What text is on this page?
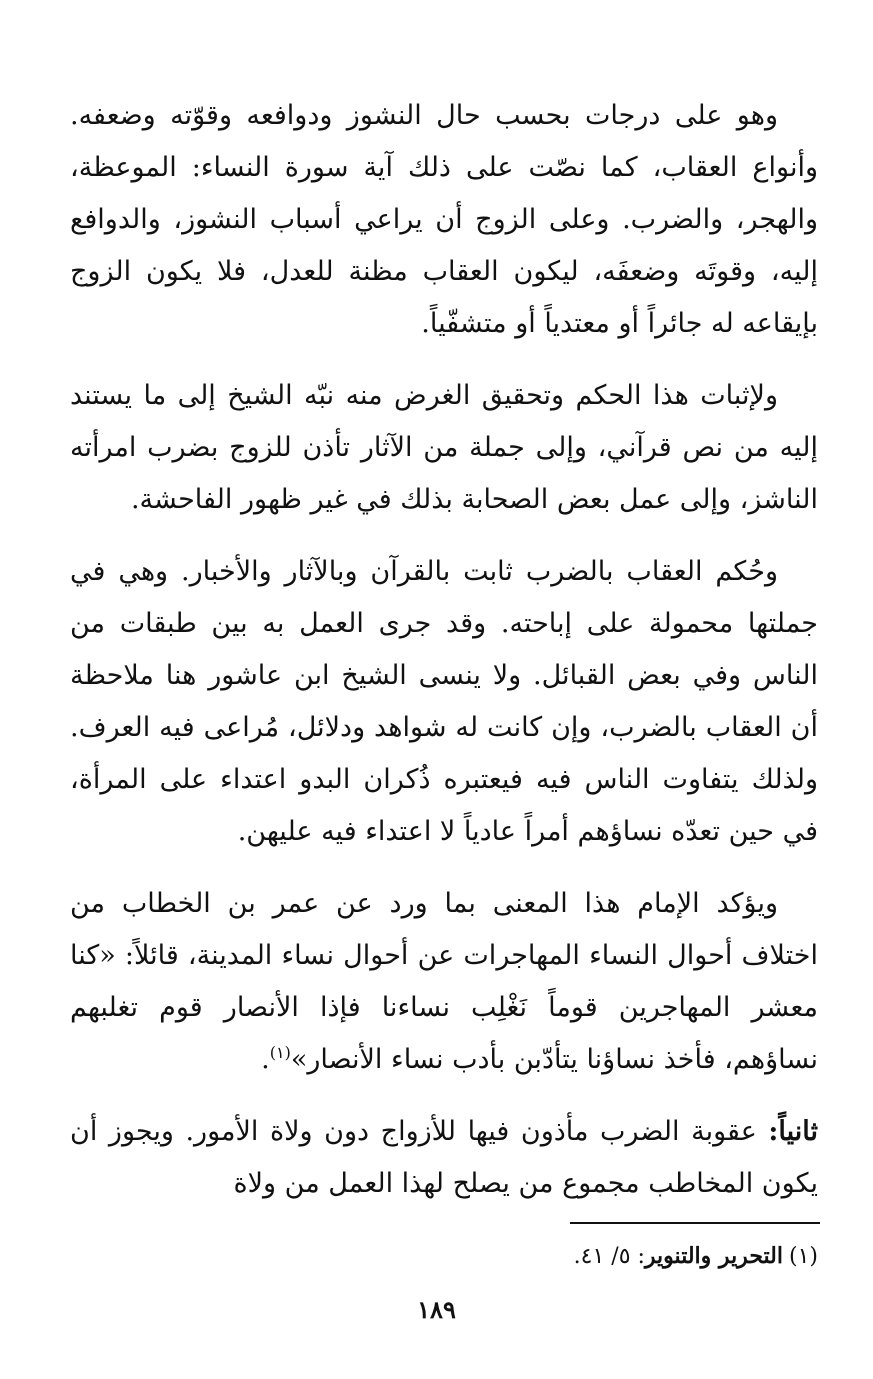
وهو على درجات بحسب حال النشوز ودوافعه وقوّته وضعفه. وأنواع العقاب، كما نصّت على ذلك آية سورة النساء: الموعظة، والهجر، والضرب. وعلى الزوج أن يراعي أسباب النشوز، والدوافع إليه، وقوتَه وضعفَه، ليكون العقاب مظنة للعدل، فلا يكون الزوج بإيقاعه له جائراً أو معتدياً أو متشفّياً.

ولإثبات هذا الحكم وتحقيق الغرض منه نبّه الشيخ إلى ما يستند إليه من نص قرآني، وإلى جملة من الآثار تأذن للزوج بضرب امرأته الناشز، وإلى عمل بعض الصحابة بذلك في غير ظهور الفاحشة.

وحُكم العقاب بالضرب ثابت بالقرآن وبالآثار والأخبار. وهي في جملتها محمولة على إباحته. وقد جرى العمل به بين طبقات من الناس وفي بعض القبائل. ولا ينسى الشيخ ابن عاشور هنا ملاحظة أن العقاب بالضرب، وإن كانت له شواهد ودلائل، مُراعى فيه العرف. ولذلك يتفاوت الناس فيه فيعتبره ذُكران البدو اعتداء على المرأة، في حين تعدّه نساؤهم أمراً عادياً لا اعتداء فيه عليهن.

ويؤكد الإمام هذا المعنى بما ورد عن عمر بن الخطاب من اختلاف أحوال النساء المهاجرات عن أحوال نساء المدينة، قائلاً: «كنا معشر المهاجرين قوماً نَغْلِب نساءنا فإذا الأنصار قوم تغلبهم نساؤهم، فأخذ نساؤنا يتأدّبن بأدب نساء الأنصار»$^{(١)}$.

ثانياً: عقوبة الضرب مأذون فيها للأزواج دون ولاة الأمور. ويجوز أن يكون المخاطب مجموع من يصلح لهذا العمل من ولاة

(١)التحرير والتنوير: ٥/ ٤١.
١٨٩
